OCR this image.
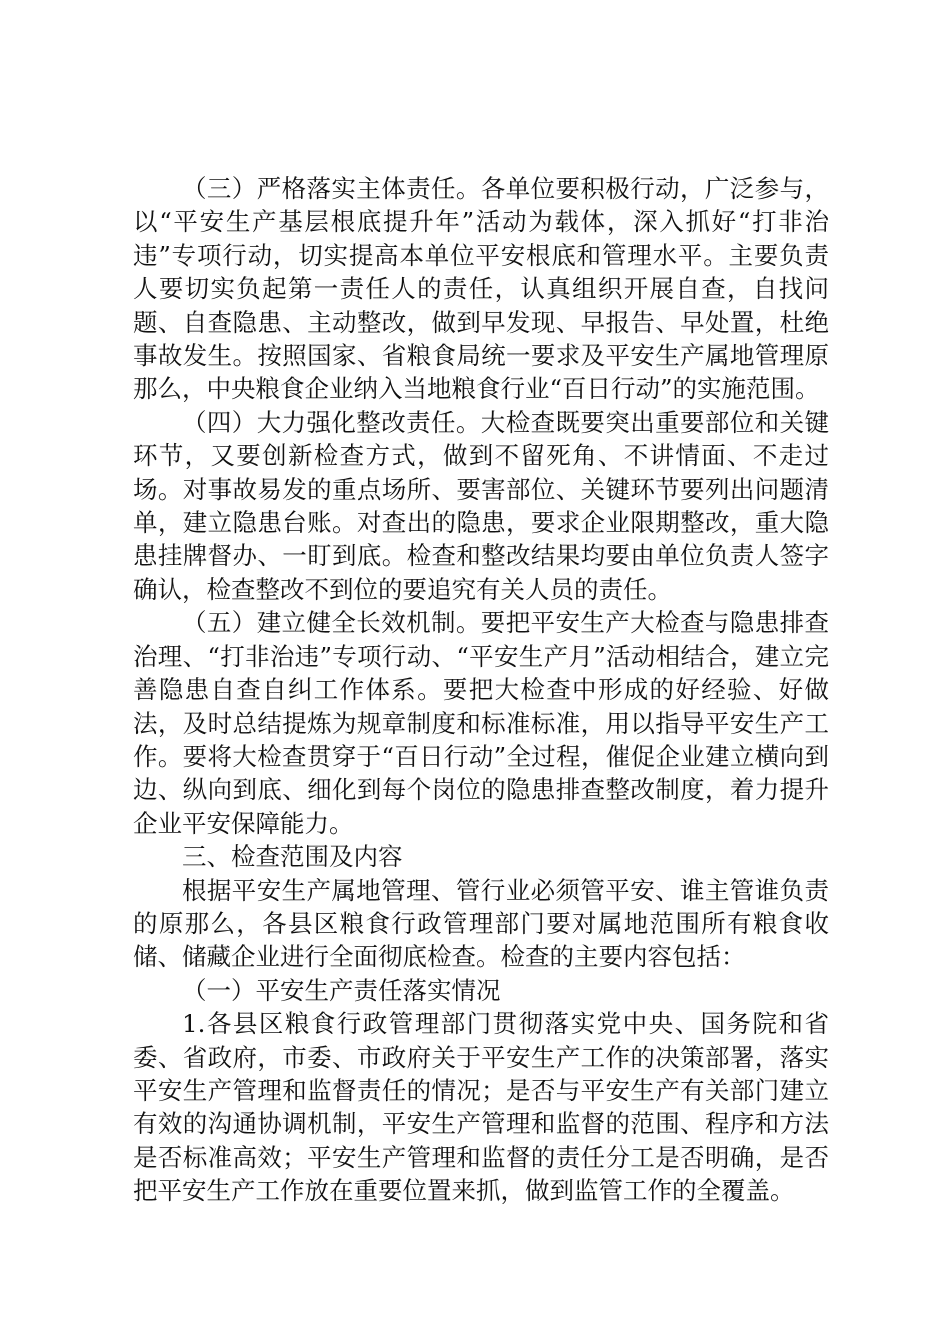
（三）严格落实主体责任。各单位要积极行动，广泛参与，以“平安生产基层根底提升年”活动为载体，深入抓好“打非治违”专项行动，切实提高本单位平安根底和管理水平。主要负责人要切实负起第一责任人的责任，认真组织开展自查，自找问题、自查隐患、主动整改，做到早发现、早报告、早处置，杜绝事故发生。按照国家、省粮食局统一要求及平安生产属地管理原那么，中央粮食企业纳入当地粮食行业“百日行动”的实施范围。

（四）大力强化整改责任。大检查既要突出重要部位和关键环节，又要创新检查方式，做到不留死角、不讲情面、不走过场。对事故易发的重点场所、要害部位、关键环节要列出问题清单，建立隐患台账。对查出的隐患，要求企业限期整改，重大隐患挂牌督办、一盯到底。检查和整改结果均要由单位负责人签字确认，检查整改不到位的要追究有关人员的责任。

（五）建立健全长效机制。要把平安生产大检查与隐患排查治理、“打非治违”专项行动、“平安生产月”活动相结合，建立完善隐患自查自纠工作体系。要把大检查中形成的好经验、好做法，及时总结提炼为规章制度和标准标准，用以指导平安生产工作。要将大检查贯穿于“百日行动”全过程，催促企业建立横向到边、纵向到底、细化到每个岗位的隐患排查整改制度，着力提升企业平安保障能力。

三、检查范围及内容

根据平安生产属地管理、管行业必须管平安、谁主管谁负责的原那么，各县区粮食行政管理部门要对属地范围所有粮食收储、储藏企业进行全面彻底检查。检查的主要内容包括：

（一）平安生产责任落实情况

1.各县区粮食行政管理部门贯彻落实党中央、国务院和省委、省政府，市委、市政府关于平安生产工作的决策部署，落实平安生产管理和监督责任的情况；是否与平安生产有关部门建立有效的沟通协调机制，平安生产管理和监督的范围、程序和方法是否标准高效；平安生产管理和监督的责任分工是否明确，是否把平安生产工作放在重要位置来抓，做到监管工作的全覆盖。
